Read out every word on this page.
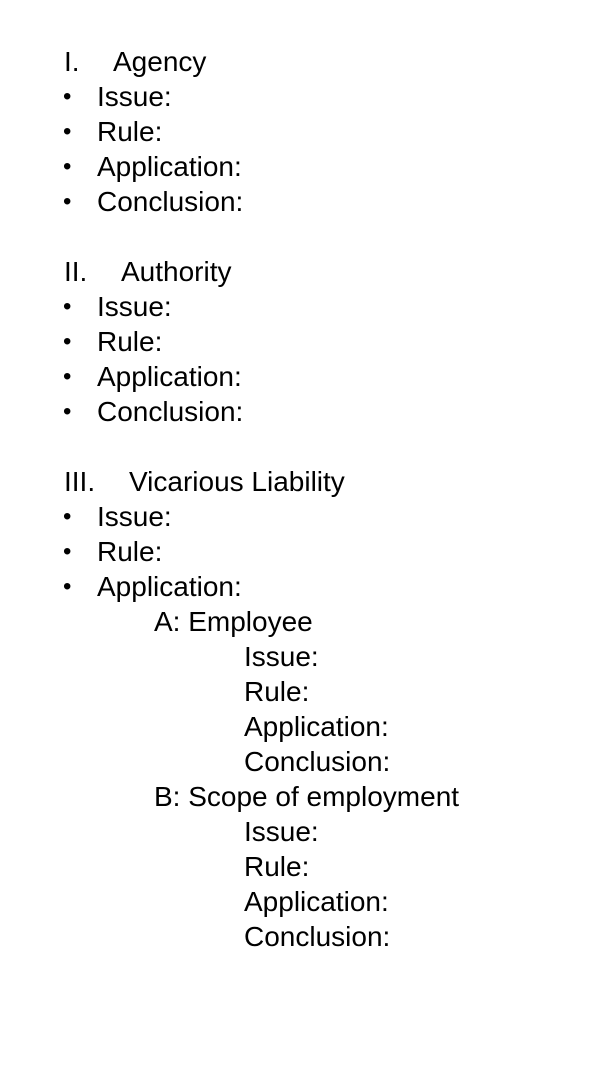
I. Agency
• Issue:
• Rule:
• Application:
• Conclusion:
II. Authority
• Issue:
• Rule:
• Application:
• Conclusion:
III. Vicarious Liability
• Issue:
• Rule:
• Application:
A: Employee
Issue:
Rule:
Application:
Conclusion:
B: Scope of employment
Issue:
Rule:
Application:
Conclusion:
